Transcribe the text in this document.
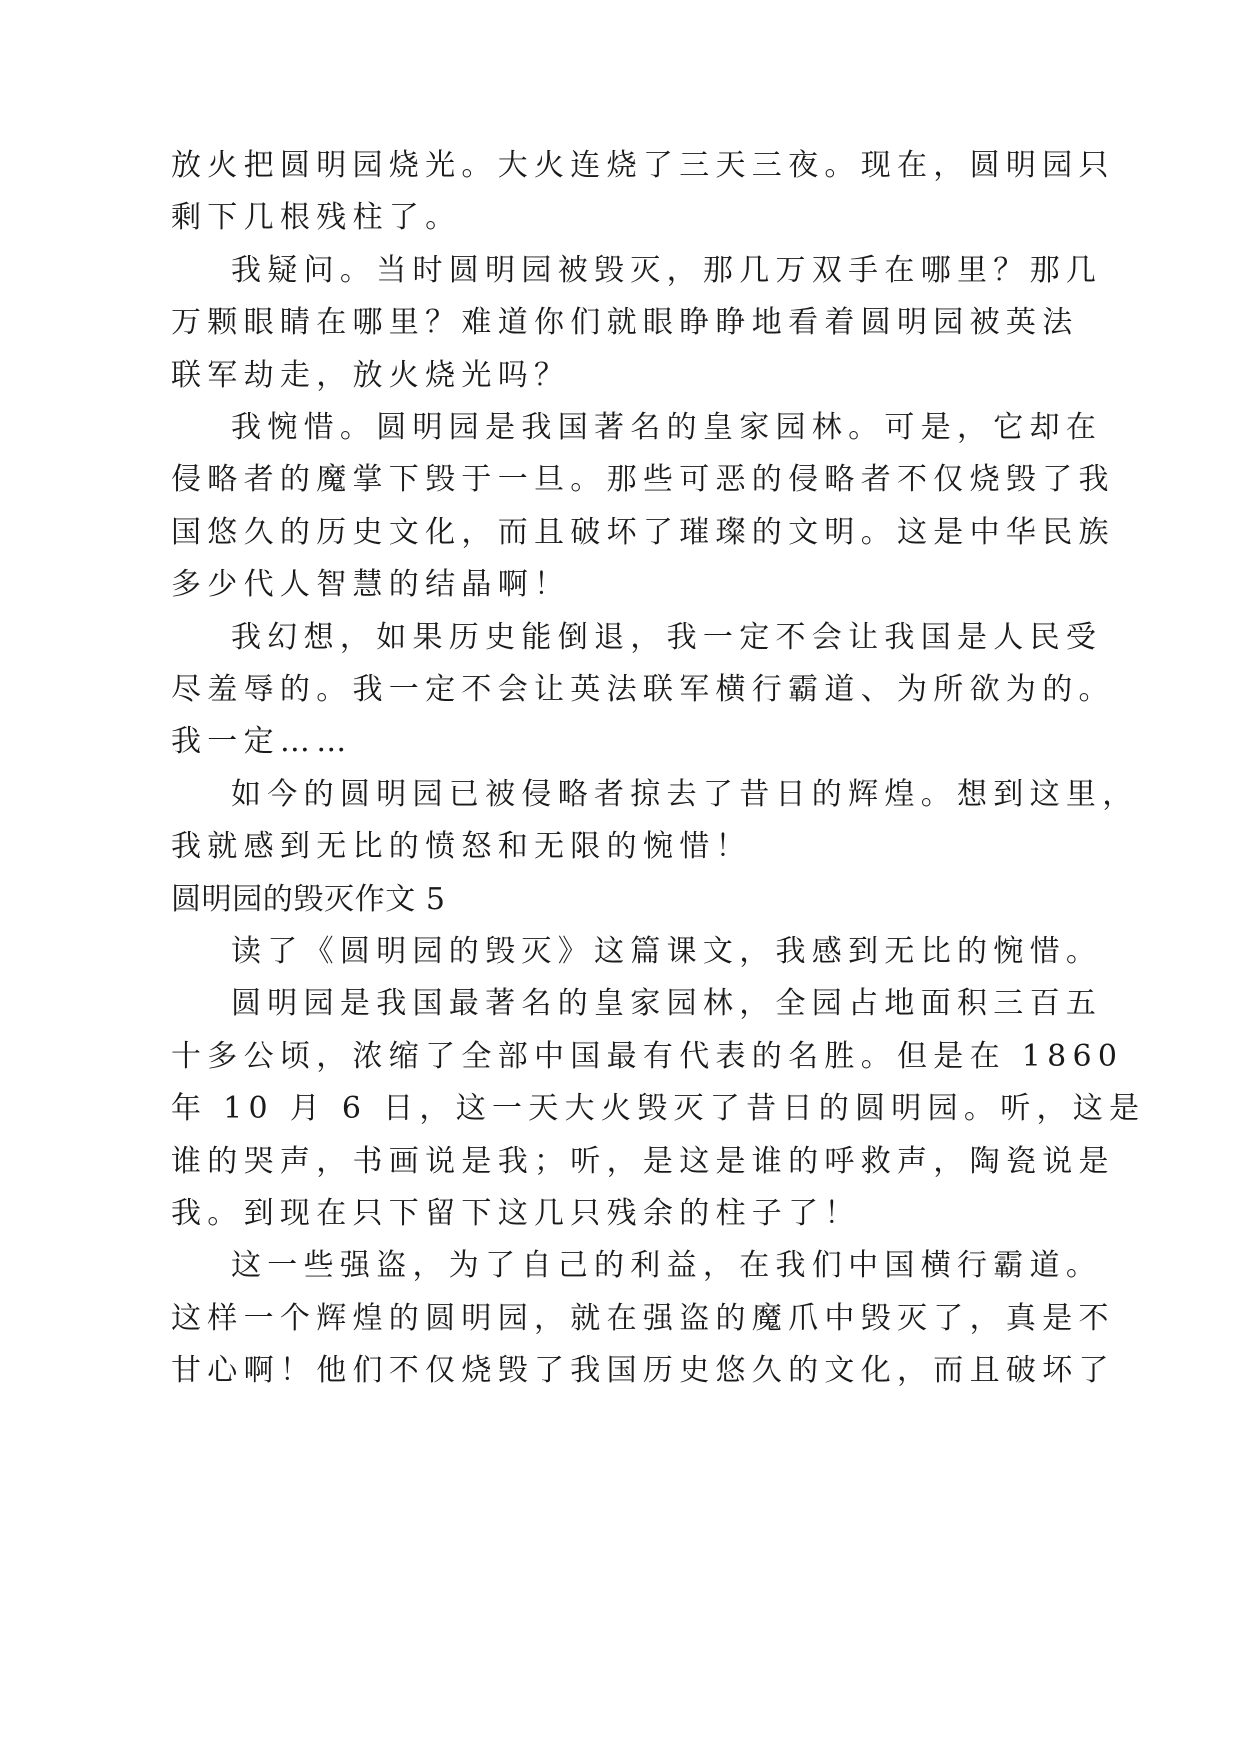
放火把圆明园烧光。大火连烧了三天三夜。现在，圆明园只
剩下几根残柱了。
我疑问。当时圆明园被毁灭，那几万双手在哪里？那几
万颗眼睛在哪里？难道你们就眼睁睁地看着圆明园被英法
联军劫走，放火烧光吗？
我惋惜。圆明园是我国著名的皇家园林。可是，它却在
侵略者的魔掌下毁于一旦。那些可恶的侵略者不仅烧毁了我
国悠久的历史文化，而且破坏了璀璨的文明。这是中华民族
多少代人智慧的结晶啊！
我幻想，如果历史能倒退，我一定不会让我国是人民受
尽羞辱的。我一定不会让英法联军横行霸道、为所欲为的。
我一定……
如今的圆明园已被侵略者掠去了昔日的辉煌。想到这里，
我就感到无比的愤怒和无限的惋惜！
圆明园的毁灭作文 5
读了《圆明园的毁灭》这篇课文，我感到无比的惋惜。
圆明园是我国最著名的皇家园林，全园占地面积三百五
十多公顷，浓缩了全部中国最有代表的名胜。但是在 1860
年 10 月 6 日，这一天大火毁灭了昔日的圆明园。听，这是
谁的哭声，书画说是我；听，是这是谁的呼救声，陶瓷说是
我。到现在只下留下这几只残余的柱子了！
这一些强盗，为了自己的利益，在我们中国横行霸道。
这样一个辉煌的圆明园，就在强盗的魔爪中毁灭了，真是不
甘心啊！他们不仅烧毁了我国历史悠久的文化，而且破坏了
